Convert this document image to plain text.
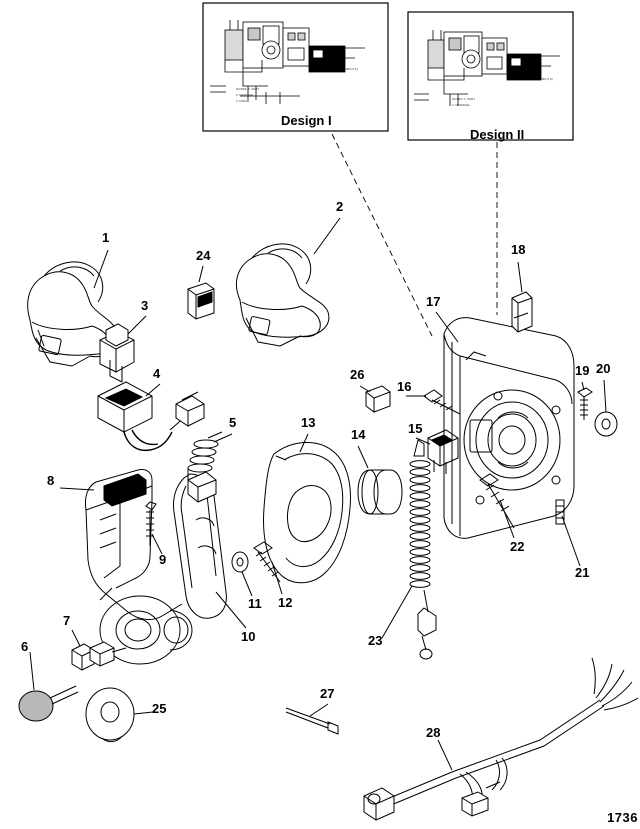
1
2
3
4
5
6
7
8
9
10
11 12
13
14	15
16
17
18
19 20
21
22
23
24
25
26
27
28
Design I
Design II
NOTES: 1. PART
2. MATERIAL
3. FINISH
.063 [1.6]
NOTES: 1. PART
2. MATERIAL
.062 [1.6]
1736
